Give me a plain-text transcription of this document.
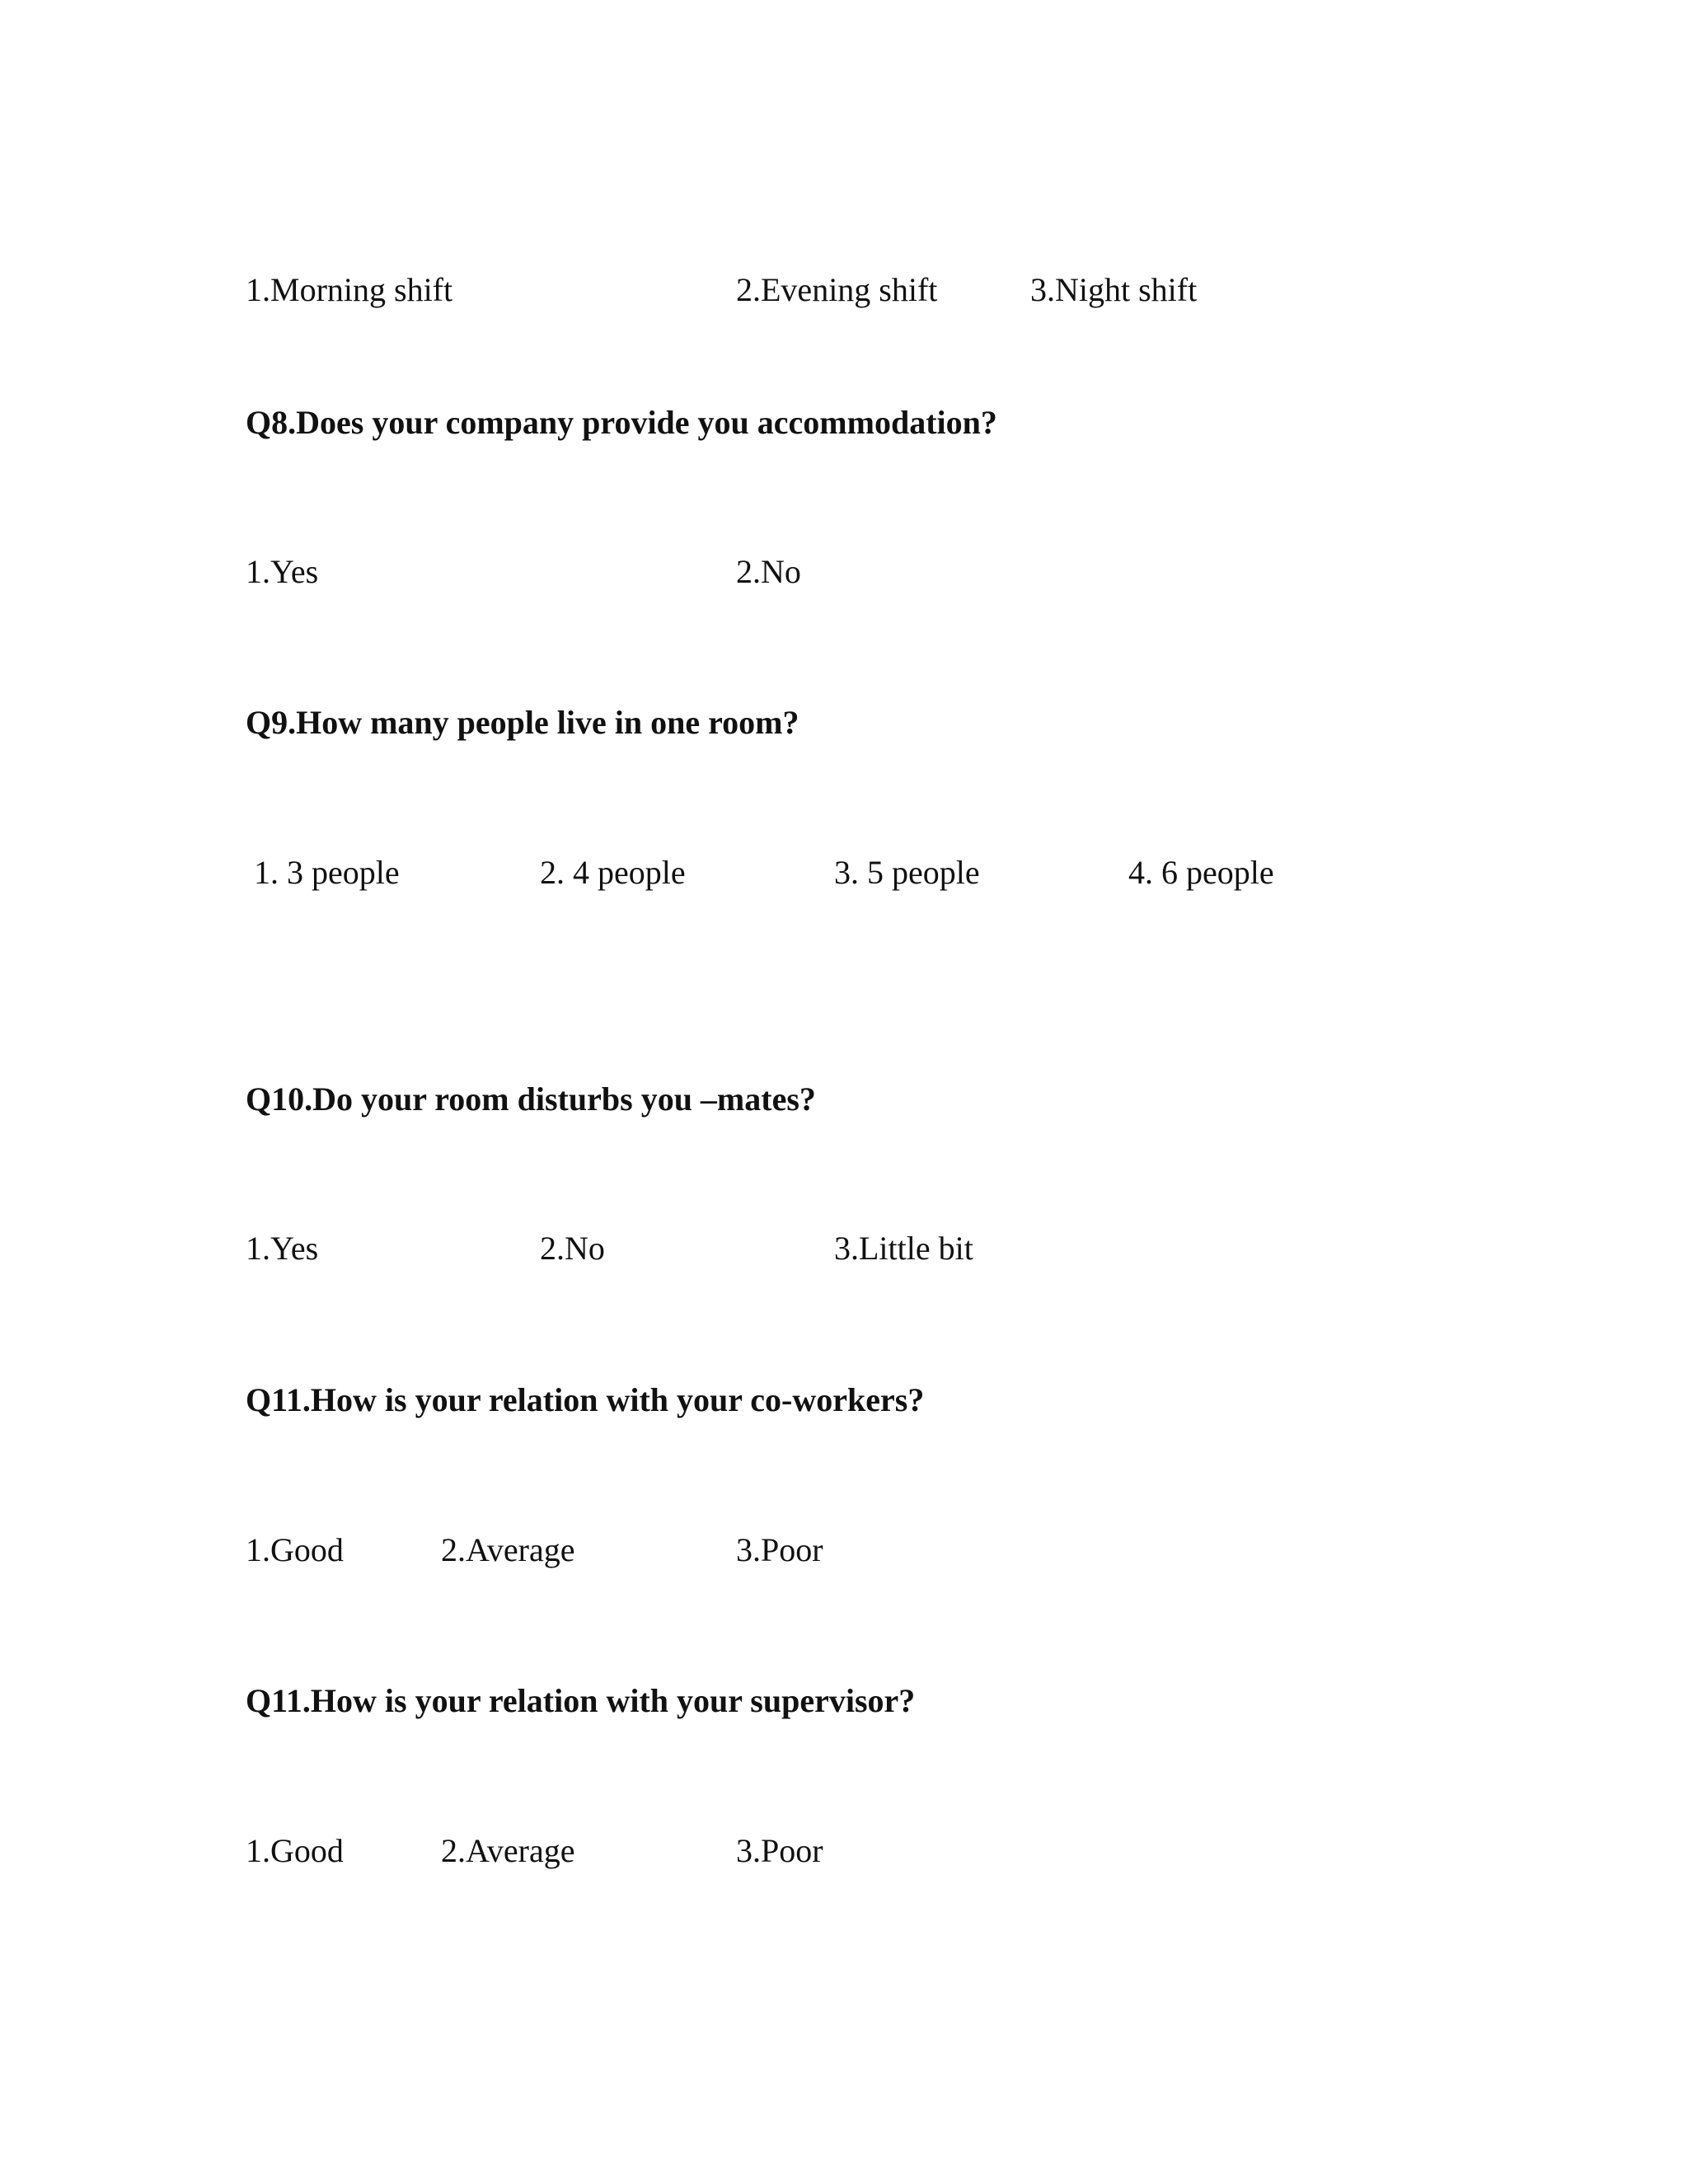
1.Morning shift	2.Evening shift	3.Night shift
Q8.Does your company provide you accommodation?
1.Yes	2.No
Q9.How many people live in one room?
1. 3 people	2. 4 people	3. 5 people	4. 6 people
Q10.Do your room disturbs you –mates?
1.Yes	2.No	3.Little bit
Q11.How is your relation with your co-workers?
1.Good	2.Average	3.Poor
Q11.How is your relation with your supervisor?
1.Good	2.Average	3.Poor
